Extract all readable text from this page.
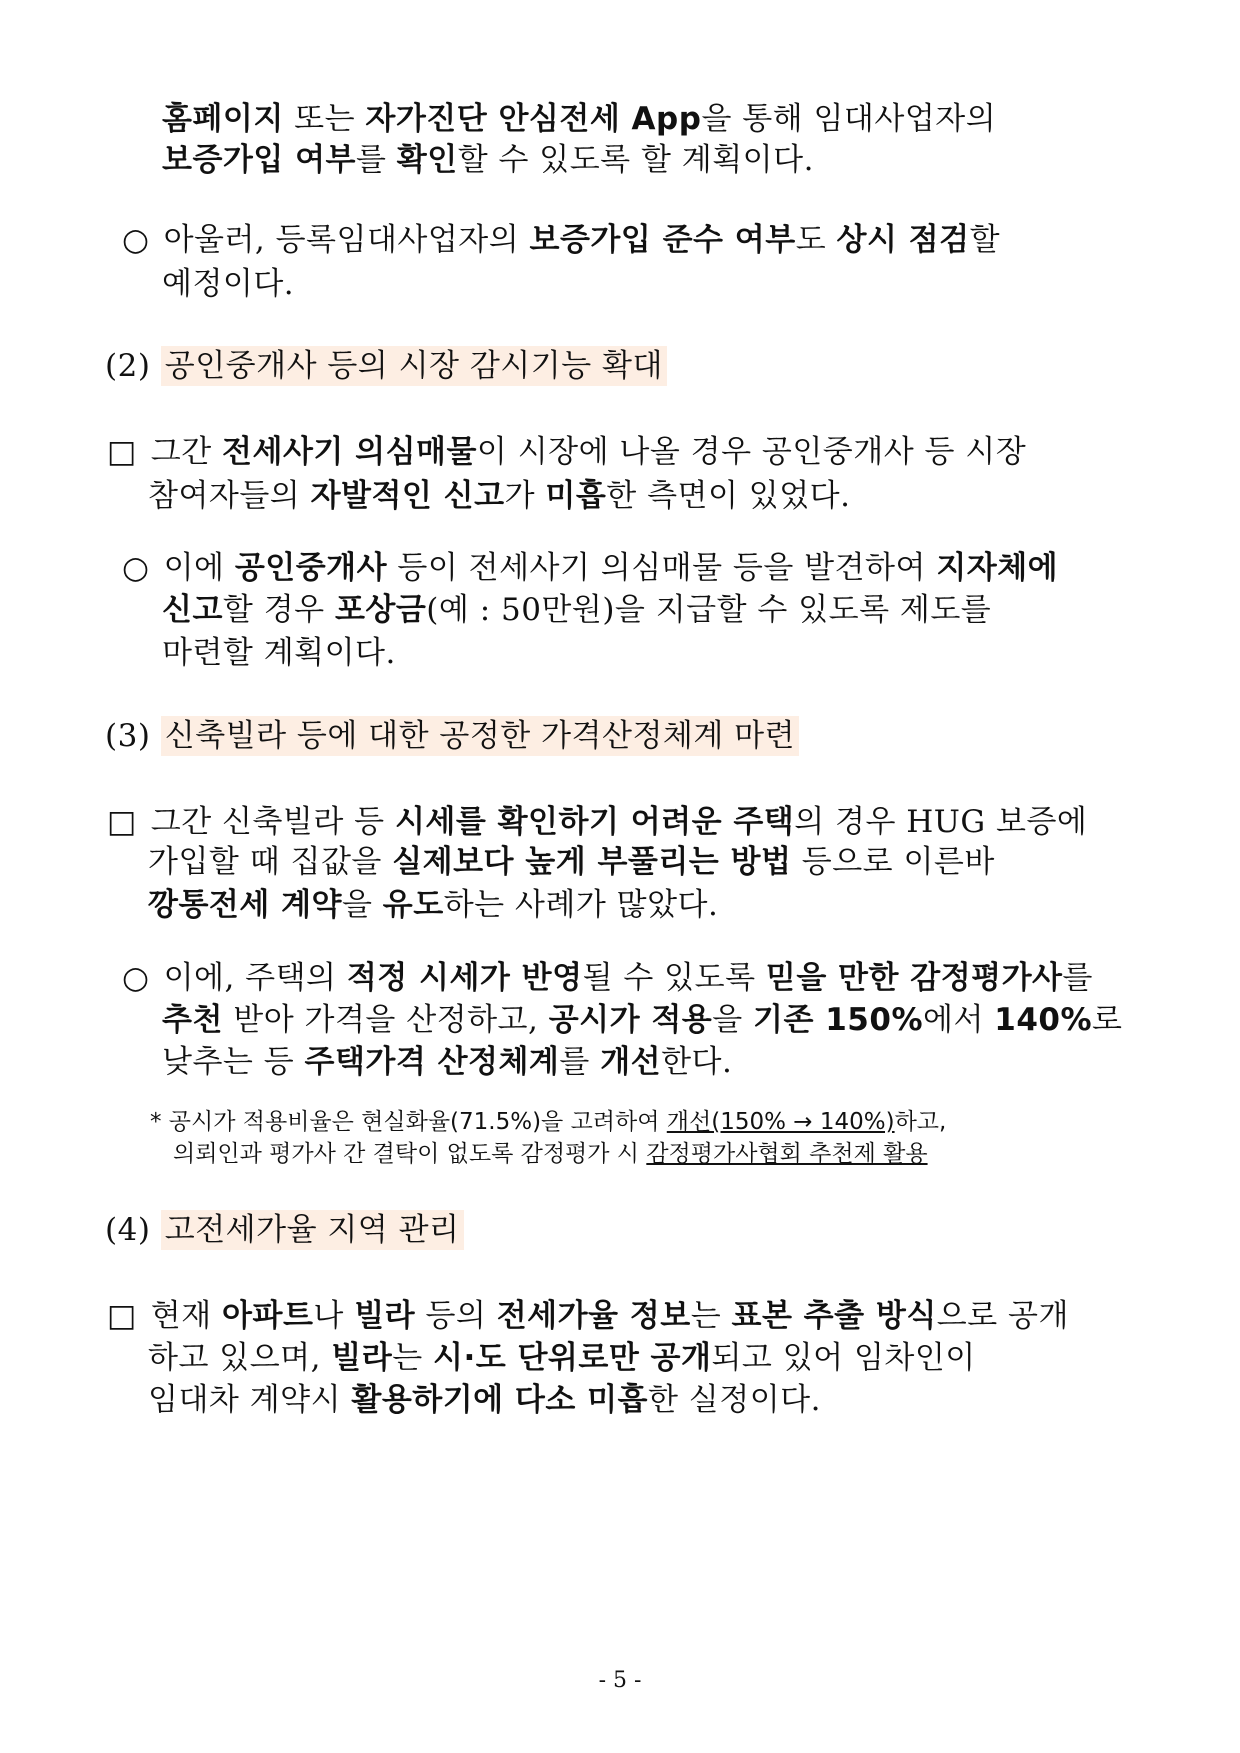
홈페이지 또는 자가진단 안심전세 App을 통해 임대사업자의
보증가입 여부를 확인할 수 있도록 할 계획이다.
○ 아울러, 등록임대사업자의 보증가입 준수 여부도 상시 점검할
예정이다.
(2) 공인중개사 등의 시장 감시기능 확대
□ 그간 전세사기 의심매물이 시장에 나올 경우 공인중개사 등 시장
참여자들의 자발적인 신고가 미흡한 측면이 있었다.
○ 이에 공인중개사 등이 전세사기 의심매물 등을 발견하여 지자체에
신고할 경우 포상금(예 : 50만원)을 지급할 수 있도록 제도를
마련할 계획이다.
(3) 신축빌라 등에 대한 공정한 가격산정체계 마련
□ 그간 신축빌라 등 시세를 확인하기 어려운 주택의 경우 HUG 보증에
가입할 때 집값을 실제보다 높게 부풀리는 방법 등으로 이른바
깡통전세 계약을 유도하는 사례가 많았다.
○ 이에, 주택의 적정 시세가 반영될 수 있도록 믿을 만한 감정평가사를
추천 받아 가격을 산정하고, 공시가 적용을 기존 150%에서 140%로
낮추는 등 주택가격 산정체계를 개선한다.
* 공시가 적용비율은 현실화율(71.5%)을 고려하여 개선(150% → 140%)하고,
의뢰인과 평가사 간 결탁이 없도록 감정평가 시 감정평가사협회 추천제 활용
(4) 고전세가율 지역 관리
□ 현재 아파트나 빌라 등의 전세가율 정보는 표본 추출 방식으로 공개
하고 있으며, 빌라는 시·도 단위로만 공개되고 있어 임차인이
임대차 계약시 활용하기에 다소 미흡한 실정이다.
- 5 -
